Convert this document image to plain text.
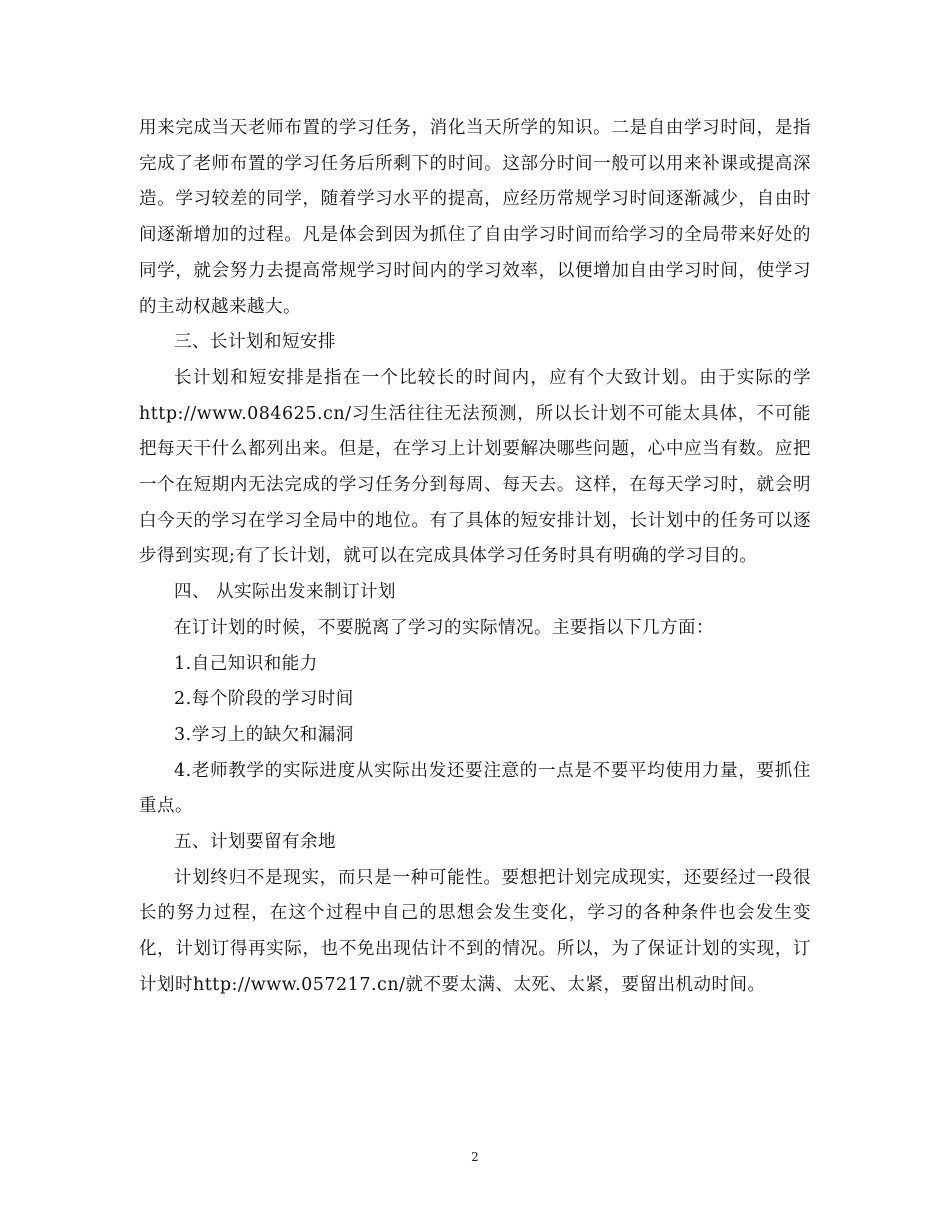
用来完成当天老师布置的学习任务，消化当天所学的知识。二是自由学习时间，是指完成了老师布置的学习任务后所剩下的时间。这部分时间一般可以用来补课或提高深造。学习较差的同学，随着学习水平的提高，应经历常规学习时间逐渐减少，自由时间逐渐增加的过程。凡是体会到因为抓住了自由学习时间而给学习的全局带来好处的同学，就会努力去提高常规学习时间内的学习效率，以便增加自由学习时间，使学习的主动权越来越大。

三、长计划和短安排

长计划和短安排是指在一个比较长的时间内，应有个大致计划。由于实际的学http://www.084625.cn/习生活往往无法预测，所以长计划不可能太具体，不可能把每天干什么都列出来。但是，在学习上计划要解决哪些问题，心中应当有数。应把一个在短期内无法完成的学习任务分到每周、每天去。这样，在每天学习时，就会明白今天的学习在学习全局中的地位。有了具体的短安排计划，长计划中的任务可以逐步得到实现;有了长计划，就可以在完成具体学习任务时具有明确的学习目的。

四、 从实际出发来制订计划

在订计划的时候，不要脱离了学习的实际情况。主要指以下几方面：

1.自己知识和能力

2.每个阶段的学习时间

3.学习上的缺欠和漏洞

4.老师教学的实际进度从实际出发还要注意的一点是不要平均使用力量，要抓住重点。

五、计划要留有余地

计划终归不是现实，而只是一种可能性。要想把计划完成现实，还要经过一段很长的努力过程，在这个过程中自己的思想会发生变化，学习的各种条件也会发生变化，计划订得再实际，也不免出现估计不到的情况。所以，为了保证计划的实现，订计划时http://www.057217.cn/就不要太满、太死、太紧，要留出机动时间。

2
